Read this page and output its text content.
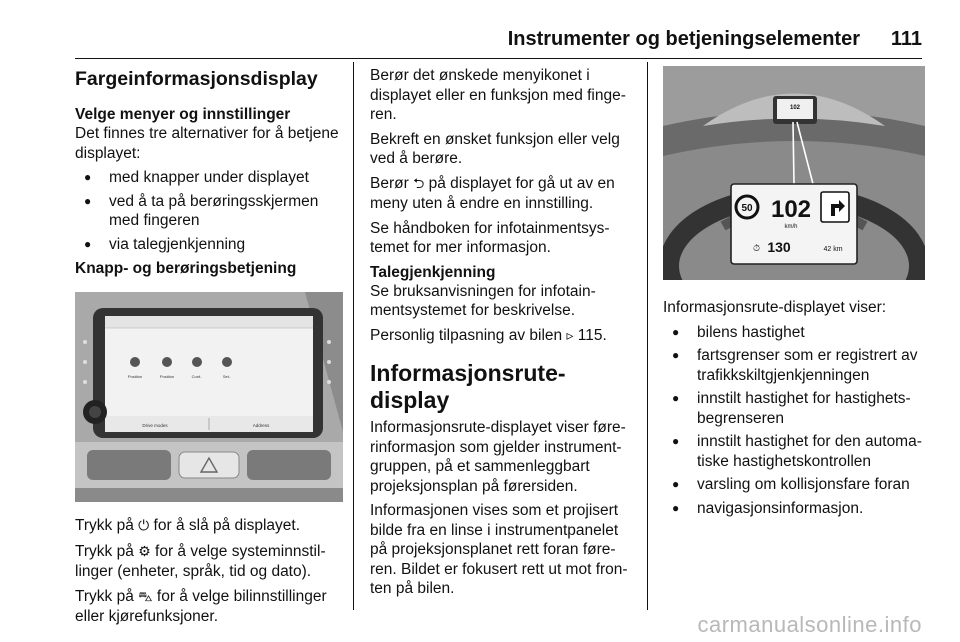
Instrumenter og betjeningselementer 111
Fargeinformasjonsdisplay
Velge menyer og innstillinger

Det finnes tre alternativer for å betjene displayet:

● med knapper under displayet
● ved å ta på berøringsskjermen med fingeren
● via talegjenkjenning
Knapp- og berøringsbetjening
Position	Position	Conf..	Set..
Drive modes	Address

Trykk på ⏻ for å slå på displayet.

Trykk på ⚙ for å velge systeminnstillinger (enheter, språk, tid og dato).

Trykk på ⛍ for å velge bilinnstillinger eller kjørefunksjoner.

Berør det ønskede menyikonet i displayet eller en funksjon med fingeren.

Bekreft en ønsket funksjon eller velg ved å berøre.

Berør ⮌ på displayet for gå ut av en meny uten å endre en innstilling.

Se håndboken for infotainmentsystemet for mer informasjon.

Talegjenkjenning

Se bruksanvisningen for infotainmentsystemet for beskrivelse.

Personlig tilpasning av bilen ▹ 115.

Informasjonsrute-display

Informasjonsrute-displayet viser førerinformasjon som gjelder instrumentgruppen, på et sammenleggbart projeksjonsplan på førersiden.

Informasjonen vises som et projisert bilde fra en linse i instrumentpanelet på projeksjonsplanet rett foran føreren. Bildet er fokusert rett ut mot fronten på bilen.

102
50 102
km/h
⏱ 130	42 km

Informasjonsrute-displayet viser:

● bilens hastighet
● fartsgrenser som er registrert av trafikkskiltgjenkjenningen
● innstilt hastighet for hastighetsbegrenseren
● innstilt hastighet for den automatiske hastighetskontrollen
● varsling om kollisjonsfare foran
● navigasjonsinformasjon.
carmanualsonline.info
